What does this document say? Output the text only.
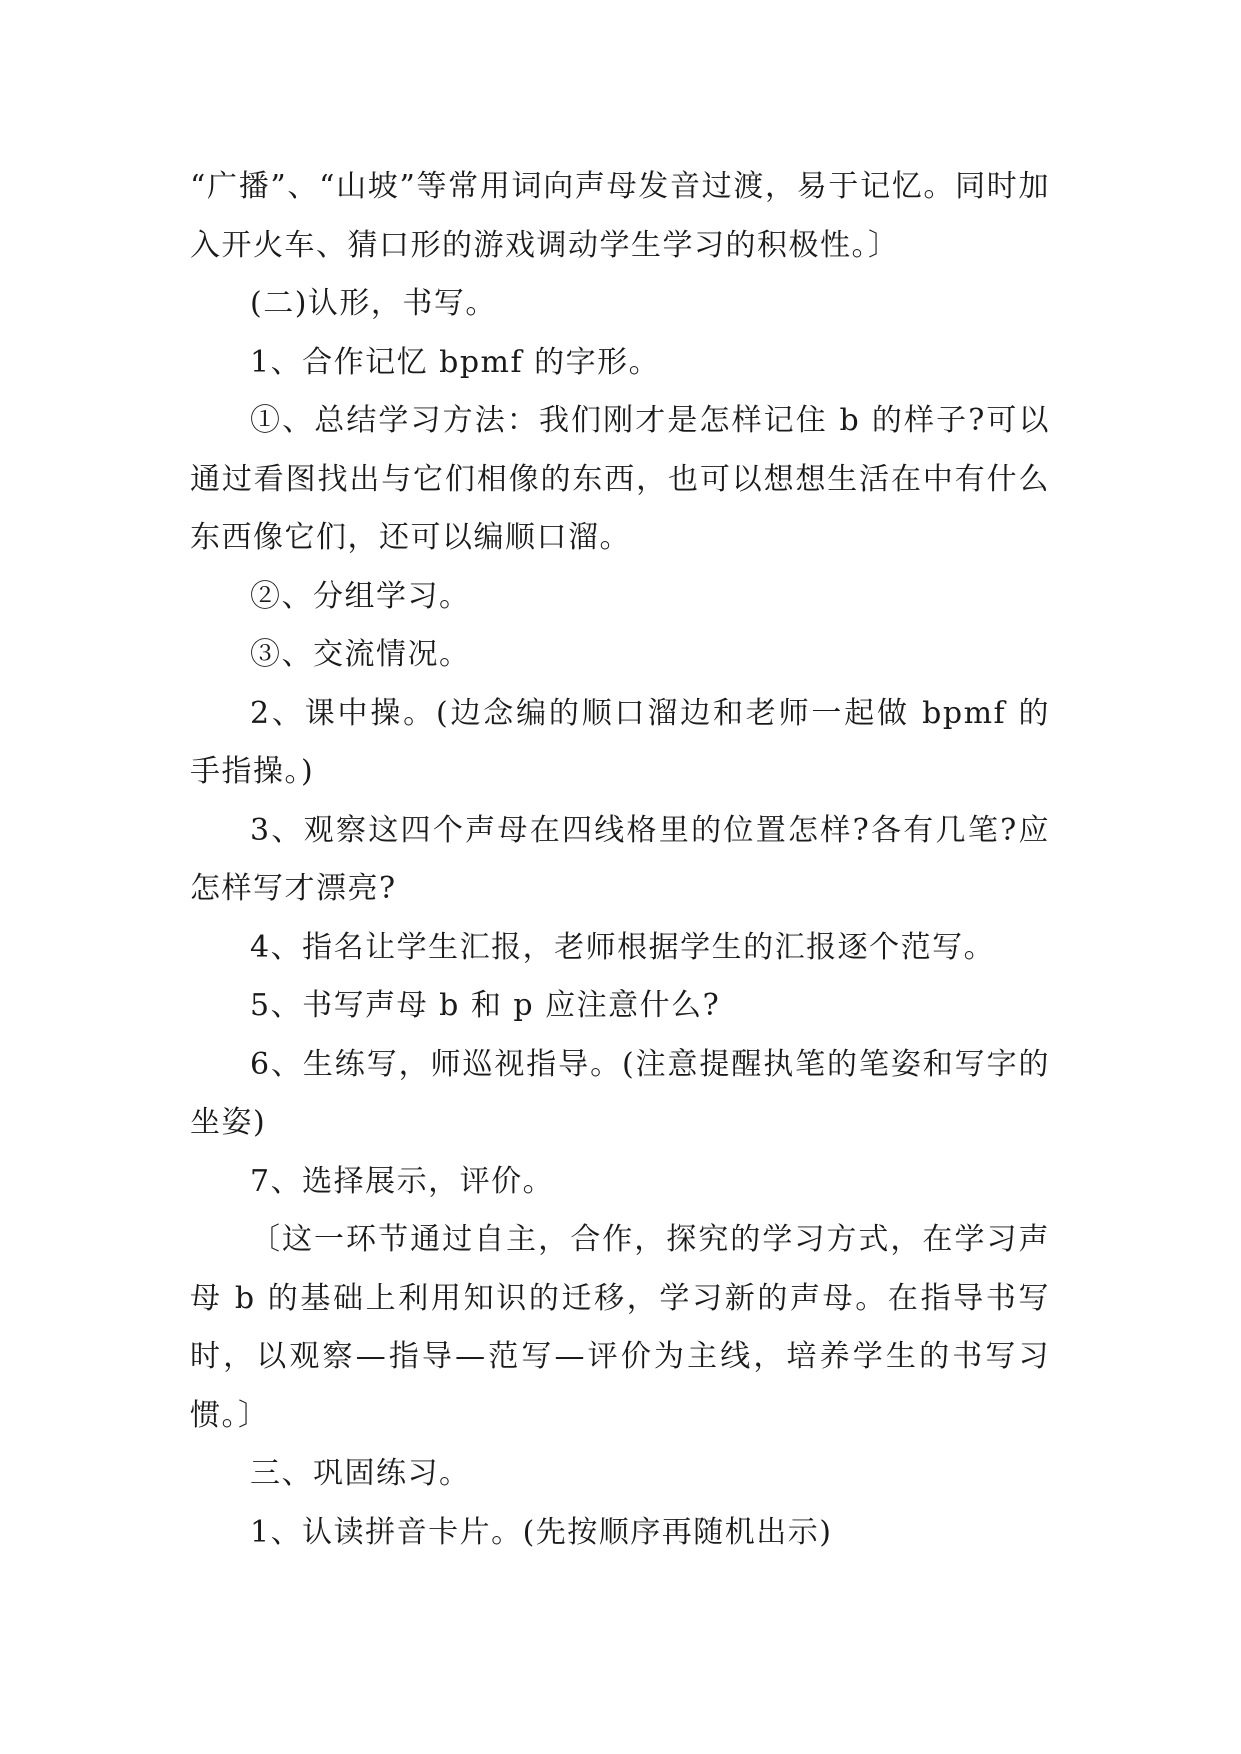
“广播”、“山坡”等常用词向声母发音过渡，易于记忆。同时加入开火车、猜口形的游戏调动学生学习的积极性。〕

(二)认形，书写。

1、合作记忆 bpmf 的字形。

①、总结学习方法：我们刚才是怎样记住 b 的样子?可以通过看图找出与它们相像的东西，也可以想想生活在中有什么东西像它们，还可以编顺口溜。

②、分组学习。

③、交流情况。

2、课中操。(边念编的顺口溜边和老师一起做 bpmf 的手指操。)

3、观察这四个声母在四线格里的位置怎样?各有几笔?应怎样写才漂亮?

4、指名让学生汇报，老师根据学生的汇报逐个范写。

5、书写声母 b 和 p 应注意什么?

6、生练写，师巡视指导。(注意提醒执笔的笔姿和写字的坐姿)

7、选择展示，评价。

〔这一环节通过自主，合作，探究的学习方式，在学习声母 b 的基础上利用知识的迁移，学习新的声母。在指导书写时，以观察—指导—范写—评价为主线，培养学生的书写习惯。〕

三、巩固练习。

1、认读拼音卡片。(先按顺序再随机出示)
